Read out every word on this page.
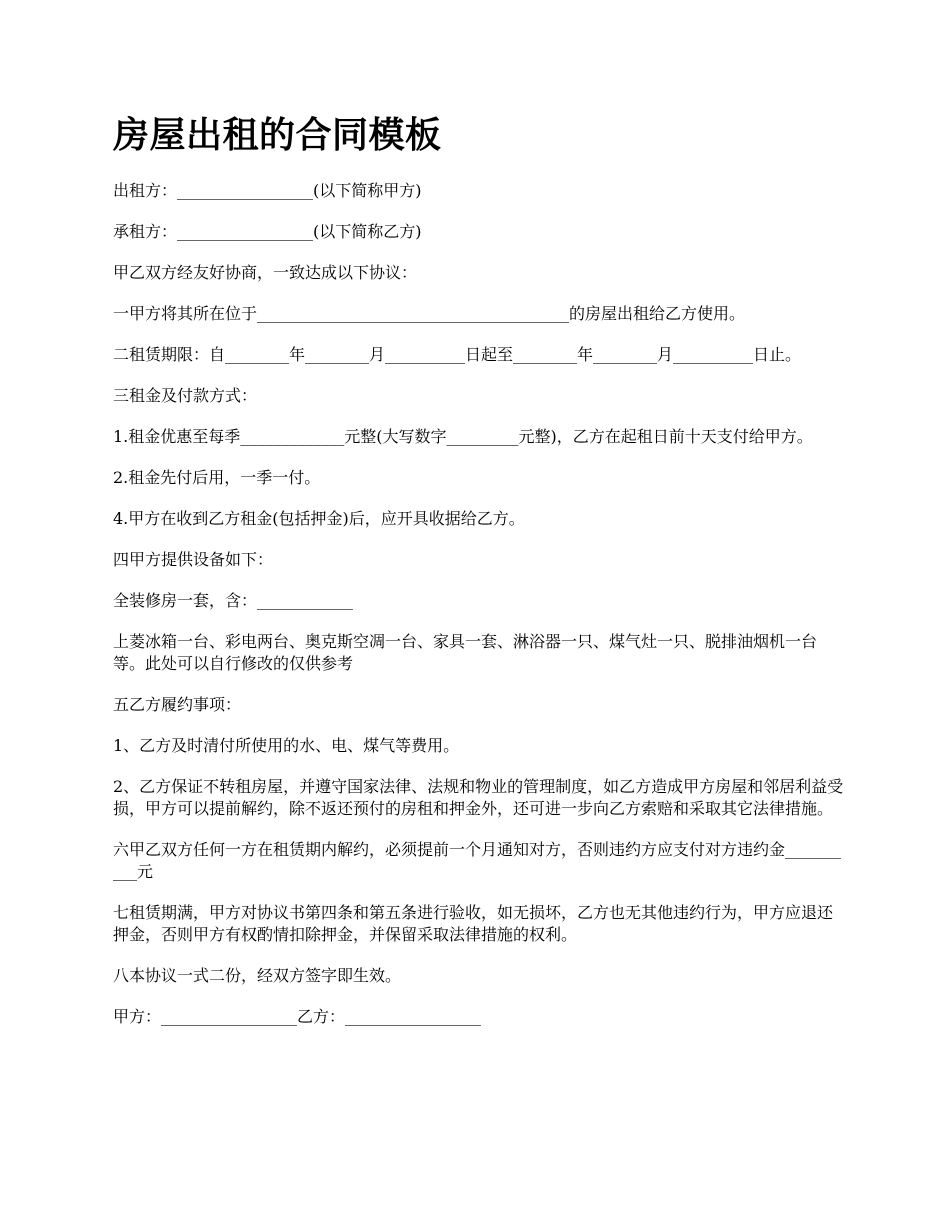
房屋出租的合同模板

出租方：_________________(以下简称甲方)

承租方：_________________(以下简称乙方)

甲乙双方经友好协商，一致达成以下协议：

一甲方将其所在位于_______________________________________的房屋出租给乙方使用。

二租赁期限：自________年________月__________日起至________年________月__________日止。

三租金及付款方式：

1.租金优惠至每季_____________元整(大写数字_________元整)，乙方在起租日前十天支付给甲方。

2.租金先付后用，一季一付。

4.甲方在收到乙方租金(包括押金)后，应开具收据给乙方。

四甲方提供设备如下：

全装修房一套，含：____________

上菱冰箱一台、彩电两台、奥克斯空凋一台、家具一套、淋浴器一只、煤气灶一只、脱排油烟机一台等。此处可以自行修改的仅供参考

五乙方履约事项：

1、乙方及时清付所使用的水、电、煤气等费用。

2、乙方保证不转租房屋，并遵守国家法律、法规和物业的管理制度，如乙方造成甲方房屋和邻居利益受损，甲方可以提前解约，除不返还预付的房租和押金外，还可进一步向乙方索赔和采取其它法律措施。

六甲乙双方任何一方在租赁期内解约，必须提前一个月通知对方，否则违约方应支付对方违约金__________元

七租赁期满，甲方对协议书第四条和第五条进行验收，如无损坏，乙方也无其他违约行为，甲方应退还押金，否则甲方有权酌情扣除押金，并保留采取法律措施的权利。

八本协议一式二份，经双方签字即生效。

甲方：_________________乙方：_________________
